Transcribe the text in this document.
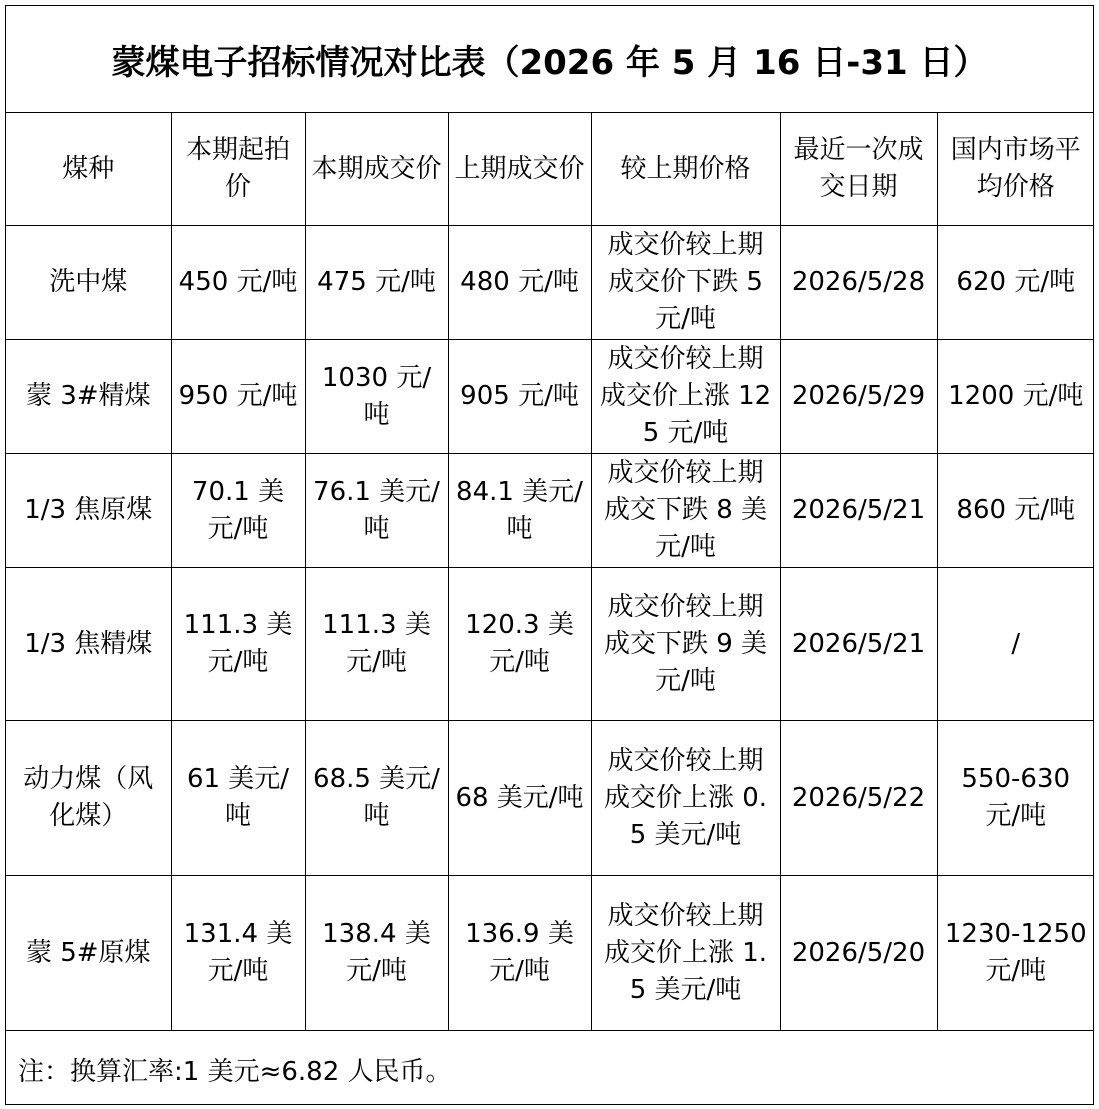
蒙煤电子招标情况对比表（2026 年 5 月 16 日-31 日）
煤种	本期起拍价	本期成交价	上期成交价	较上期价格	最近一次成交日期	国内市场平均价格
洗中煤	450 元/吨	475 元/吨	480 元/吨	成交价较上期成交价下跌 5 元/吨	2026/5/28	620 元/吨
蒙 3#精煤	950 元/吨	1030 元/吨	905 元/吨	成交价较上期成交价上涨 125 元/吨	2026/5/29	1200 元/吨
1/3 焦原煤	70.1 美元/吨	76.1 美元/吨	84.1 美元/吨	成交价较上期成交下跌 8 美元/吨	2026/5/21	860 元/吨
1/3 焦精煤	111.3 美元/吨	111.3 美元/吨	120.3 美元/吨	成交价较上期成交下跌 9 美元/吨	2026/5/21	/
动力煤（风化煤）	61 美元/吨	68.5 美元/吨	68 美元/吨	成交价较上期成交价上涨 0.5 美元/吨	2026/5/22	550-630 元/吨
蒙 5#原煤	131.4 美元/吨	138.4 美元/吨	136.9 美元/吨	成交价较上期成交价上涨 1.5 美元/吨	2026/5/20	1230-1250 元/吨
注：换算汇率:1 美元≈6.82 人民币。
